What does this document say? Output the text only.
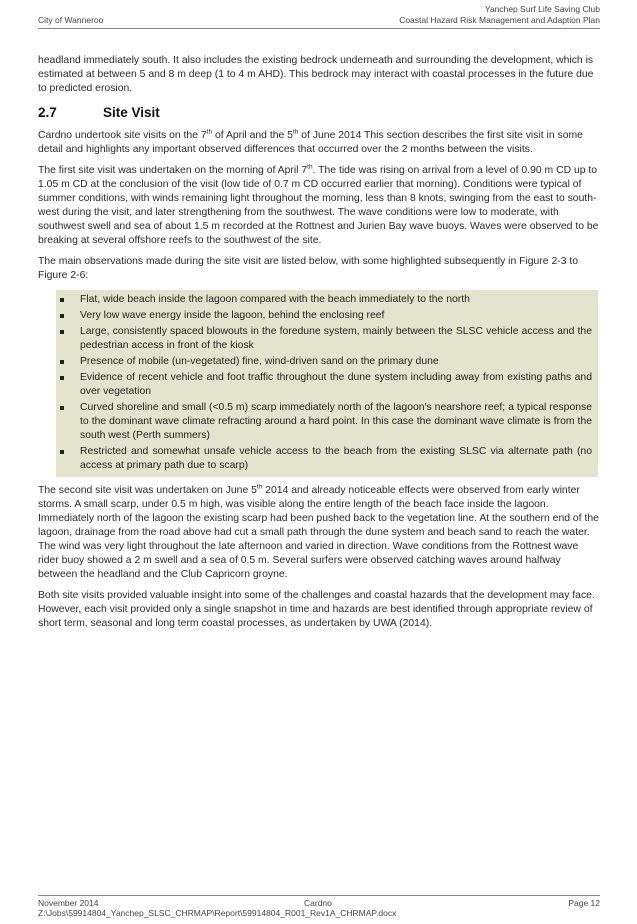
City of Wanneroo
Yanchep Surf Life Saving Club
Coastal Hazard Risk Management and Adaption Plan

headland immediately south. It also includes the existing bedrock underneath and surrounding the development, which is estimated at between 5 and 8 m deep (1 to 4 m AHD). This bedrock may interact with coastal processes in the future due to predicted erosion.

2.7	Site Visit

Cardno undertook site visits on the 7th of April and the 5th of June 2014 This section describes the first site visit in some detail and highlights any important observed differences that occurred over the 2 months between the visits.

The first site visit was undertaken on the morning of April 7th. The tide was rising on arrival from a level of 0.90 m CD up to 1.05 m CD at the conclusion of the visit (low tide of 0.7 m CD occurred earlier that morning). Conditions were typical of summer conditions, with winds remaining light throughout the morning, less than 8 knots, swinging from the east to south-west during the visit, and later strengthening from the southwest. The wave conditions were low to moderate, with southwest swell and sea of about 1.5 m recorded at the Rottnest and Jurien Bay wave buoys. Waves were observed to be breaking at several offshore reefs to the southwest of the site.

The main observations made during the site visit are listed below, with some highlighted subsequently in Figure 2-3 to Figure 2-6:

Flat, wide beach inside the lagoon compared with the beach immediately to the north
Very low wave energy inside the lagoon, behind the enclosing reef
Large, consistently spaced blowouts in the foredune system, mainly between the SLSC vehicle access and the pedestrian access in front of the kiosk
Presence of mobile (un-vegetated) fine, wind-driven sand on the primary dune
Evidence of recent vehicle and foot traffic throughout the dune system including away from existing paths and over vegetation
Curved shoreline and small (<0.5 m) scarp immediately north of the lagoon's nearshore reef; a typical response to the dominant wave climate refracting around a hard point. In this case the dominant wave climate is from the south west (Perth summers)
Restricted and somewhat unsafe vehicle access to the beach from the existing SLSC via alternate path (no access at primary path due to scarp)

The second site visit was undertaken on June 5th 2014 and already noticeable effects were observed from early winter storms. A small scarp, under 0.5 m high, was visible along the entire length of the beach face inside the lagoon. Immediately north of the lagoon the existing scarp had been pushed back to the vegetation line. At the southern end of the lagoon, drainage from the road above had cut a small path through the dune system and beach sand to reach the water. The wind was very light throughout the late afternoon and varied in direction. Wave conditions from the Rottnest wave rider buoy showed a 2 m swell and a sea of 0.5 m. Several surfers were observed catching waves around halfway between the headland and the Club Capricorn groyne.

Both site visits provided valuable insight into some of the challenges and coastal hazards that the development may face. However, each visit provided only a single snapshot in time and hazards are best identified through appropriate review of short term, seasonal and long term coastal processes, as undertaken by UWA (2014).

November 2014	Cardno	Page 12
Z:\Jobs\59914804_Yanchep_SLSC_CHRMAP\Report\59914804_R001_Rev1A_CHRMAP.docx
